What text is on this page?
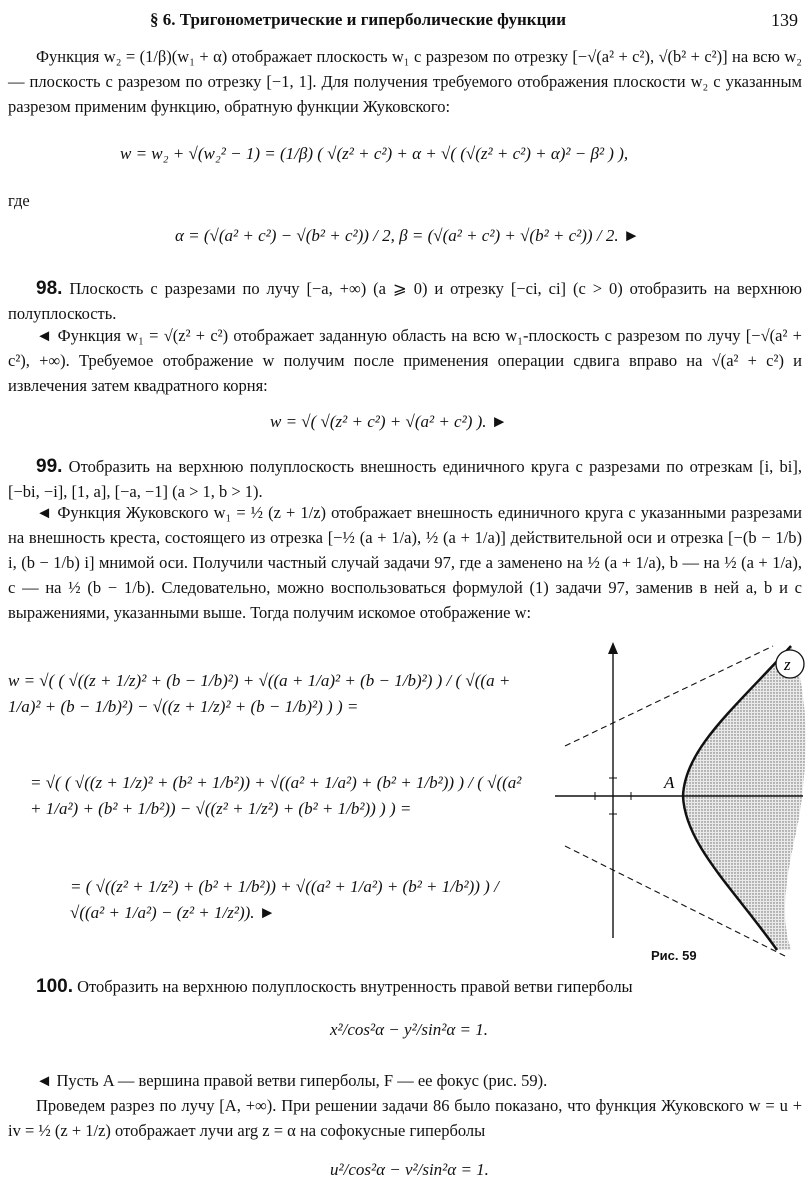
§ 6. Тригонометрические и гиперболические функции	139

Функция w₂ = (1/β)(w₁ + α) отображает плоскость w₁ с разрезом по отрезку [−√(a² + c²), √(b² + c²)] на всю w₂ — плоскость с разрезом по отрезку [−1, 1]. Для получения требуемого отображения плоскости w₂ с указанным разрезом применим функцию, обратную функции Жуковского:

w = w₂ + √(w₂² − 1) = (1/β) ( √(z² + c²) + α + √( (√(z² + c²) + α)² − β² ) ),
где
α = (√(a² + c²) − √(b² + c²)) / 2, β = (√(a² + c²) + √(b² + c²)) / 2. ►

98. Плоскость с разрезами по лучу [−a, +∞) (a ⩾ 0) и отрезку [−ci, ci] (c > 0) отобразить на верхнюю полуплоскость.

◄ Функция w₁ = √(z² + c²) отображает заданную область на всю w₁-плоскость с разрезом по лучу [−√(a² + c²), +∞). Требуемое отображение w получим после применения операции сдвига вправо на √(a² + c²) и извлечения затем квадратного корня:

w = √( √(z² + c²) + √(a² + c²) ). ►

99. Отобразить на верхнюю полуплоскость внешность единичного круга с разрезами по отрезкам [i, bi], [−bi, −i], [1, a], [−a, −1] (a > 1, b > 1).

◄ Функция Жуковского w₁ = ½ (z + 1/z) отображает внешность единичного круга с указанными разрезами на внешность креста, состоящего из отрезка [−½ (a + 1/a), ½ (a + 1/a)] действительной оси и отрезка [−(b − 1/b) i, (b − 1/b) i] мнимой оси. Получили частный случай задачи 97, где a заменено на ½ (a + 1/a), b — на ½ (a + 1/a), c — на ½ (b − 1/b). Следовательно, можно воспользоваться формулой (1) задачи 97, заменив в ней a, b и c выражениями, указанными выше. Тогда получим искомое отображение w:

w = √( ( √((z + 1/z)² + (b − 1/b)²) + √((a + 1/a)² + (b − 1/b)²) ) / ( √((a + 1/a)² + (b − 1/b)²) − √((z + 1/z)² + (b − 1/b)²) ) ) =
= √( ( √((z + 1/z)² + (b² + 1/b²)) + √((a² + 1/a²) + (b² + 1/b²)) ) / ( √((a² + 1/a²) + (b² + 1/b²)) − √((z² + 1/z²) + (b² + 1/b²)) ) ) =
= ( √((z² + 1/z²) + (b² + 1/b²)) + √((a² + 1/a²) + (b² + 1/b²)) ) / √((a² + 1/a²) − (z² + 1/z²)). ►
A
z
Рис. 59

100. Отобразить на верхнюю полуплоскость внутренность правой ветви гиперболы

x²/cos²α − y²/sin²α = 1.

◄ Пусть A — вершина правой ветви гиперболы, F — ее фокус (рис. 59).

Проведем разрез по лучу [A, +∞). При решении задачи 86 было показано, что функция Жуковского w = u + iv = ½ (z + 1/z) отображает лучи arg z = α на софокусные гиперболы

u²/cos²α − v²/sin²α = 1.
